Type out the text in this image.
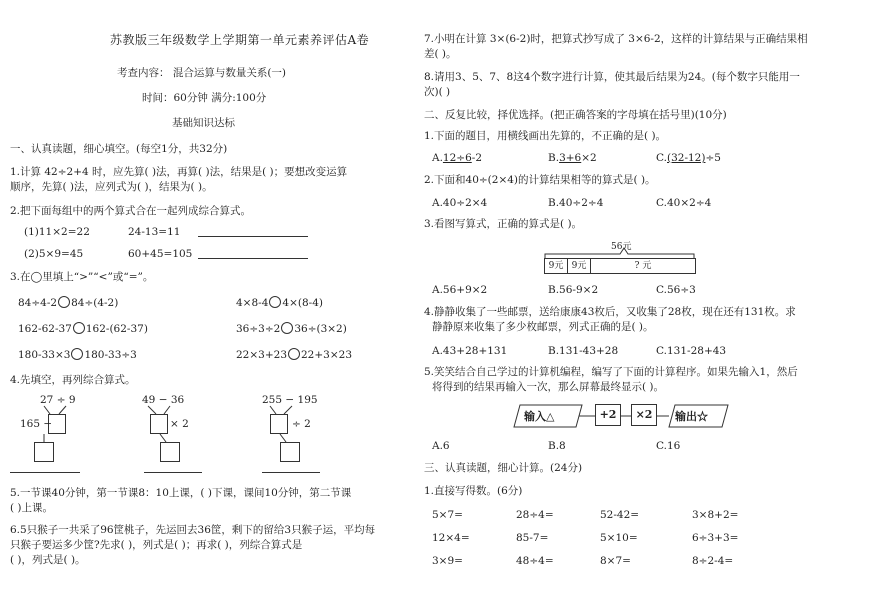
苏教版三年级数学上学期第一单元素养评估A卷
考查内容： 混合运算与数量关系(一)
时间：60分钟 满分:100分
基础知识达标
一、认真读题，细心填空。(每空1分，共32分)
1.计算 42÷2+4 时，应先算( )法，再算( )法，结果是( )；要想改变运算
顺序，先算( )法，应列式为( )，结果为( )。
2.把下面每组中的两个算式合在一起列成综合算式。
(1)11×2=22	24-13=11
(2)5×9=45	60+45=105
3.在◯里填上“>”“<”或“=”。
84÷4-2 84÷(4-2)	4×8-4 4×(8-4)
162-62-37 162-(62-37)	36÷3÷2 36÷(3×2)
180-33×3 180-33÷3	22×3+23 22+3×23
4.先填空，再列综合算式。
27 ÷ 9
165 −
49 − 36
× 2
255 − 195
÷ 2
5.一节课40分钟，第一节课8：10上课，( )下课，课间10分钟，第二节课
( )上课。
6.5只猴子一共采了96筐桃子，先运回去36筐，剩下的留给3只猴子运，平均每
只猴子要运多少筐?先求( )，列式是( )；再求( )，列综合算式是
( )，列式是( )。
7.小明在计算 3×(6-2)时，把算式抄写成了 3×6-2，这样的计算结果与正确结果相
差( )。
8.请用3、5、7、8这4个数字进行计算，使其最后结果为24。(每个数字只能用一
次)( )
二、反复比较，择优选择。(把正确答案的字母填在括号里)(10分)
1.下面的题目，用横线画出先算的，不正确的是( )。
A.12÷6-2	B.3+6×2	C.(32-12)÷5
2.下面和40÷(2×4)的计算结果相等的算式是( )。
A.40÷2×4	B.40÷2÷4	C.40×2÷4
3.看图写算式，正确的算式是( )。
56元
9元 9元	? 元
A.56+9×2	B.56-9×2	C.56÷3
4.静静收集了一些邮票，送给康康43枚后，又收集了28枚，现在还有131枚。求
静静原来收集了多少枚邮票，列式正确的是( )。
A.43+28+131	B.131-43+28	C.131-28+43
5.笑笑结合自己学过的计算机编程，编写了下面的计算程序。如果先输入1，然后
将得到的结果再输入一次，那么屏幕最终显示( )。
输入△	+2	×2	输出☆
A.6	B.8	C.16
三、认真读题，细心计算。(24分)
1.直接写得数。(6分)
5×7=	28÷4=	52-42=	3×8+2=
12×4=	85-7=	5×10=	6÷3+3=
3×9=	48÷4=	8×7=	8÷2-4=
